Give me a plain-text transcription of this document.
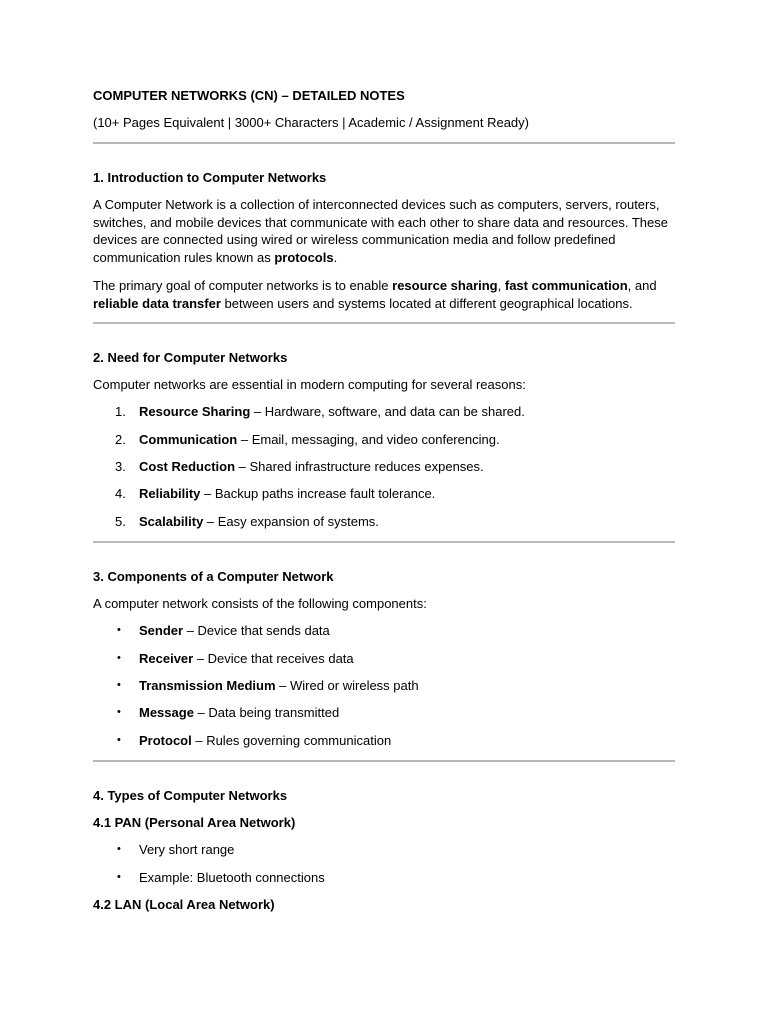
COMPUTER NETWORKS (CN) – DETAILED NOTES
(10+ Pages Equivalent | 3000+ Characters | Academic / Assignment Ready)
1. Introduction to Computer Networks
A Computer Network is a collection of interconnected devices such as computers, servers, routers,
switches, and mobile devices that communicate with each other to share data and resources. These
devices are connected using wired or wireless communication media and follow predefined
communication rules known as protocols.
The primary goal of computer networks is to enable resource sharing, fast communication, and
reliable data transfer between users and systems located at different geographical locations.
2. Need for Computer Networks
Computer networks are essential in modern computing for several reasons:
1. Resource Sharing – Hardware, software, and data can be shared.
2. Communication – Email, messaging, and video conferencing.
3. Cost Reduction – Shared infrastructure reduces expenses.
4. Reliability – Backup paths increase fault tolerance.
5. Scalability – Easy expansion of systems.
3. Components of a Computer Network
A computer network consists of the following components:
• Sender – Device that sends data
• Receiver – Device that receives data
• Transmission Medium – Wired or wireless path
• Message – Data being transmitted
• Protocol – Rules governing communication
4. Types of Computer Networks
4.1 PAN (Personal Area Network)
• Very short range
• Example: Bluetooth connections
4.2 LAN (Local Area Network)
